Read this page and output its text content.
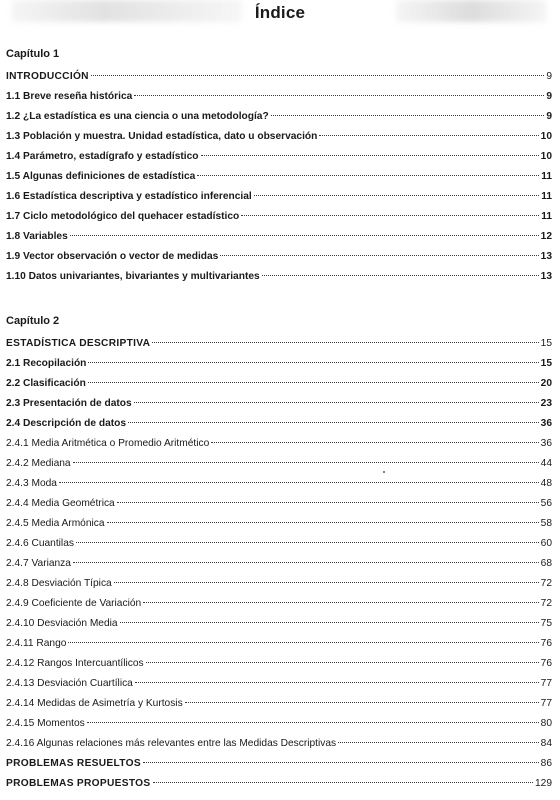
Índice
Capítulo 1
INTRODUCCIÓN	9
1.1 Breve reseña histórica	9
1.2 ¿La estadística es una ciencia o una metodología?	9
1.3 Población y muestra. Unidad estadística, dato u observación	10
1.4 Parámetro, estadígrafo y estadístico	10
1.5 Algunas definiciones de estadística	11
1.6 Estadística descriptiva y estadístico inferencial	11
1.7 Ciclo metodológico del quehacer estadístico	11
1.8 Variables	12
1.9 Vector observación o vector de medidas	13
1.10 Datos univariantes, bivariantes y multivariantes	13
Capítulo 2
ESTADÍSTICA DESCRIPTIVA	15
2.1 Recopilación	15
2.2 Clasificación	20
2.3 Presentación de datos	23
2.4 Descripción de datos	36
2.4.1 Media Aritmética o Promedio Aritmético	36
2.4.2 Mediana	44
2.4.3 Moda	48
2.4.4 Media Geométrica	56
2.4.5 Media Armónica	58
2.4.6 Cuantilas	60
2.4.7 Varianza	68
2.4.8 Desviación Típica	72
2.4.9 Coeficiente de Variación	72
2.4.10 Desviación Media	75
2.4.11 Rango	76
2.4.12 Rangos Intercuantílicos	76
2.4.13 Desviación Cuartílica	77
2.4.14 Medidas de Asimetría y Kurtosis	77
2.4.15 Momentos	80
2.4.16 Algunas relaciones más relevantes entre las Medidas Descriptivas	84
PROBLEMAS RESUELTOS	86
PROBLEMAS PROPUESTOS	129
